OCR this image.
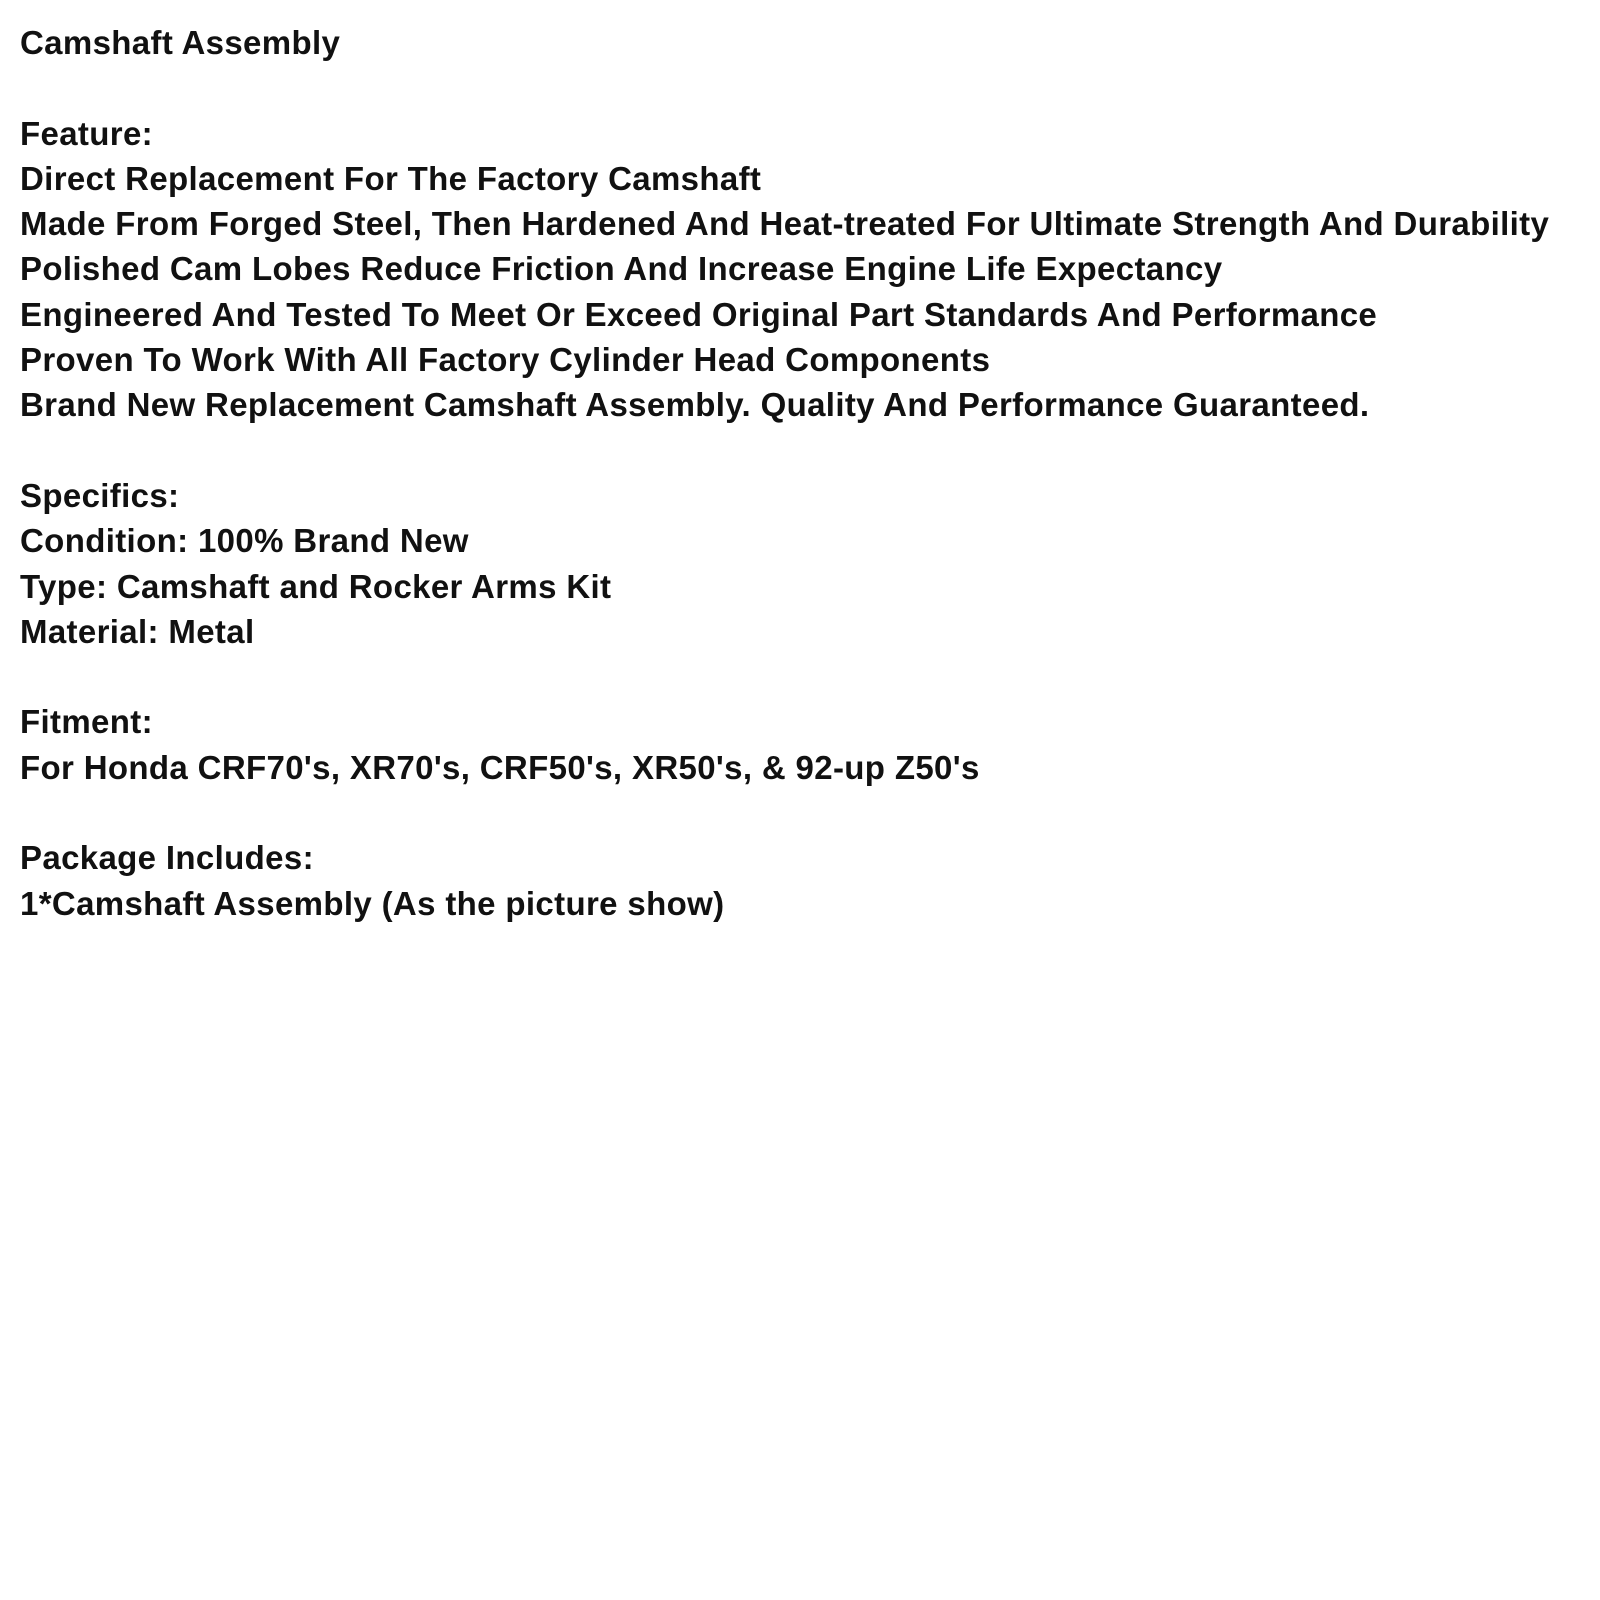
Camshaft Assembly
Feature:
Direct Replacement For The Factory Camshaft
Made From Forged Steel, Then Hardened And Heat-treated For Ultimate Strength And Durability
Polished Cam Lobes Reduce Friction And Increase Engine Life Expectancy
Engineered And Tested To Meet Or Exceed Original Part Standards And Performance
Proven To Work With All Factory Cylinder Head Components
Brand New Replacement Camshaft Assembly. Quality And Performance Guaranteed.
Specifics:
Condition: 100% Brand New
Type: Camshaft and Rocker Arms Kit
Material: Metal
Fitment:
For Honda CRF70's, XR70's, CRF50's, XR50's, & 92-up Z50's
Package Includes:
1*Camshaft Assembly (As the picture show)
